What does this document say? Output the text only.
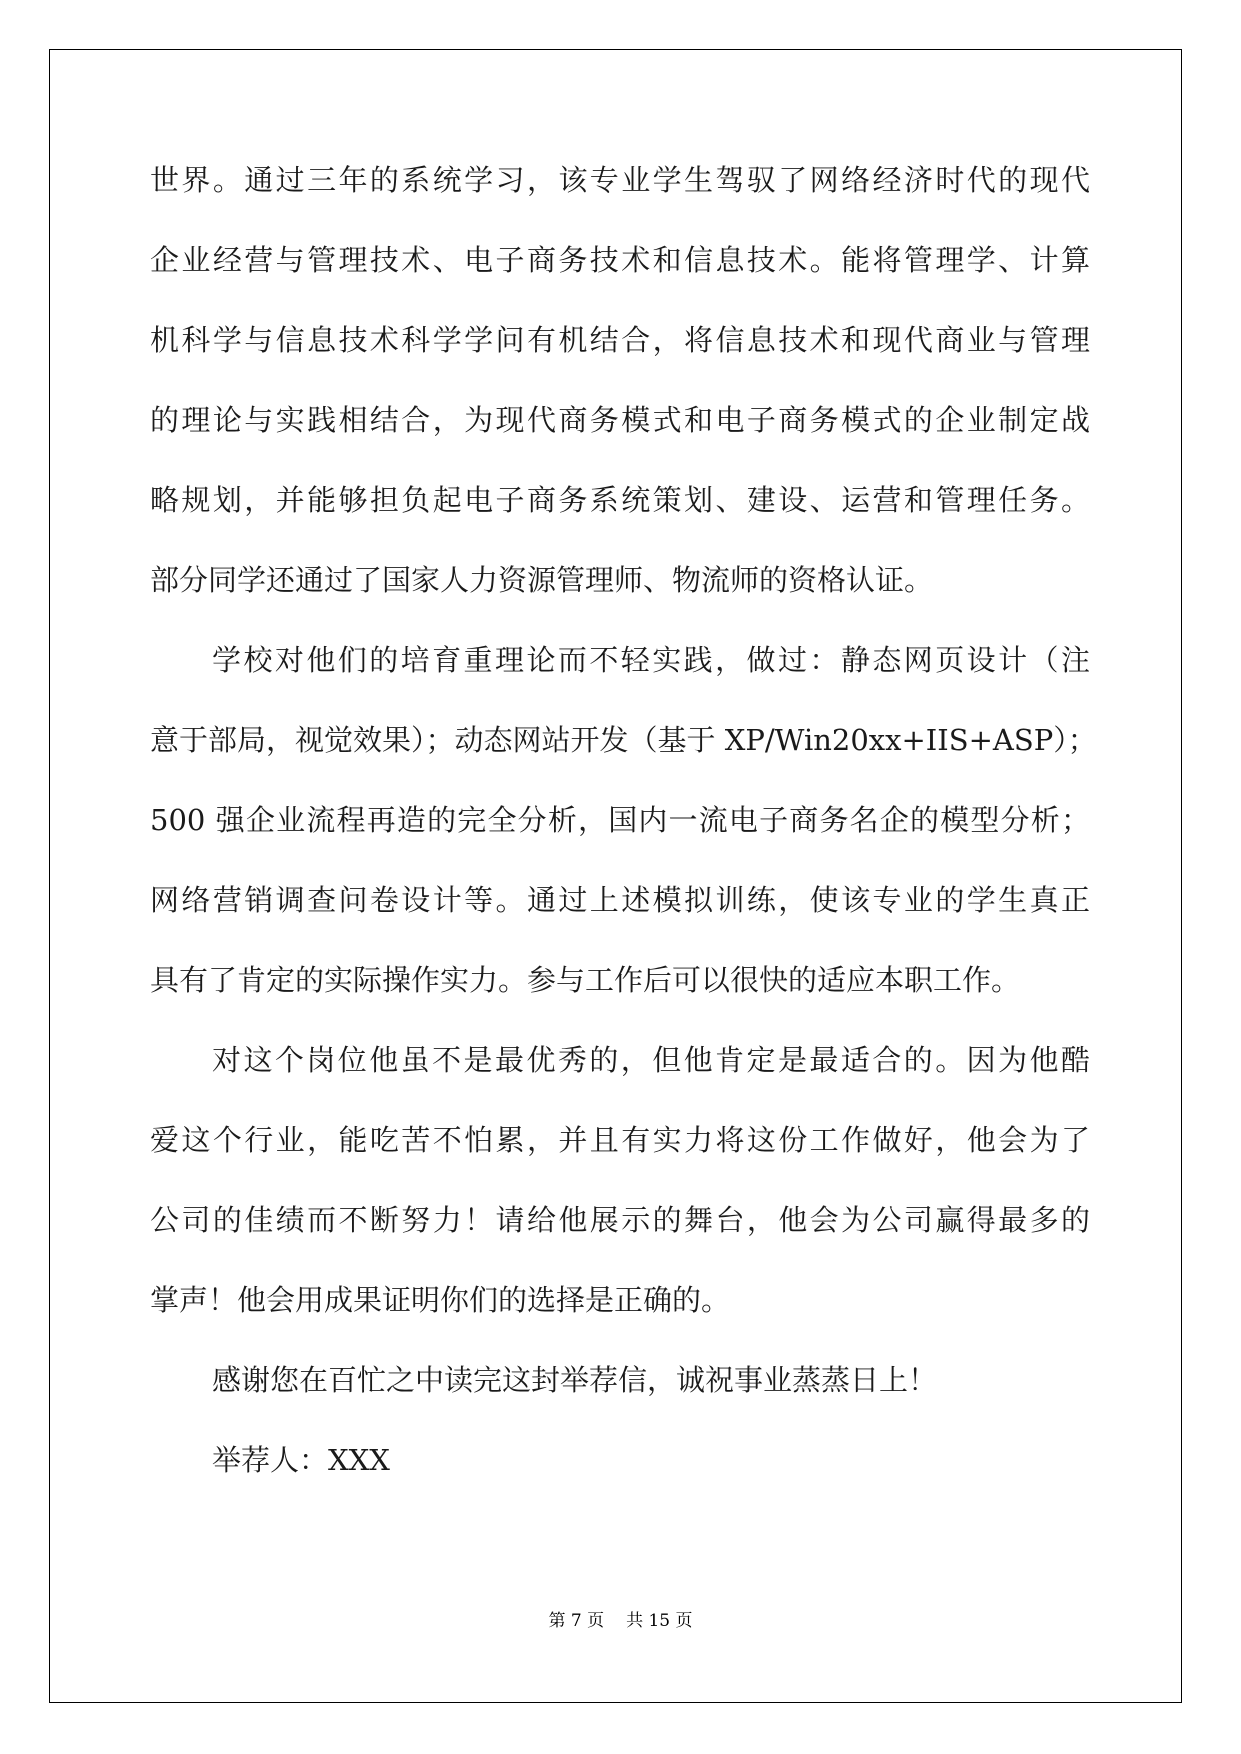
世界。通过三年的系统学习，该专业学生驾驭了网络经济时代的现代
企业经营与管理技术、电子商务技术和信息技术。能将管理学、计算
机科学与信息技术科学学问有机结合，将信息技术和现代商业与管理
的理论与实践相结合，为现代商务模式和电子商务模式的企业制定战
略规划，并能够担负起电子商务系统策划、建设、运营和管理任务。
部分同学还通过了国家人力资源管理师、物流师的资格认证。
学校对他们的培育重理论而不轻实践，做过：静态网页设计（注
意于部局，视觉效果）；动态网站开发（基于 XP/Win20xx+IIS+ASP）；
500 强企业流程再造的完全分析，国内一流电子商务名企的模型分析；
网络营销调查问卷设计等。通过上述模拟训练，使该专业的学生真正
具有了肯定的实际操作实力。参与工作后可以很快的适应本职工作。
对这个岗位他虽不是最优秀的，但他肯定是最适合的。因为他酷
爱这个行业，能吃苦不怕累，并且有实力将这份工作做好，他会为了
公司的佳绩而不断努力！请给他展示的舞台，他会为公司赢得最多的
掌声！他会用成果证明你们的选择是正确的。
感谢您在百忙之中读完这封举荐信，诚祝事业蒸蒸日上！
举荐人：XXX
第 7 页 共 15 页
